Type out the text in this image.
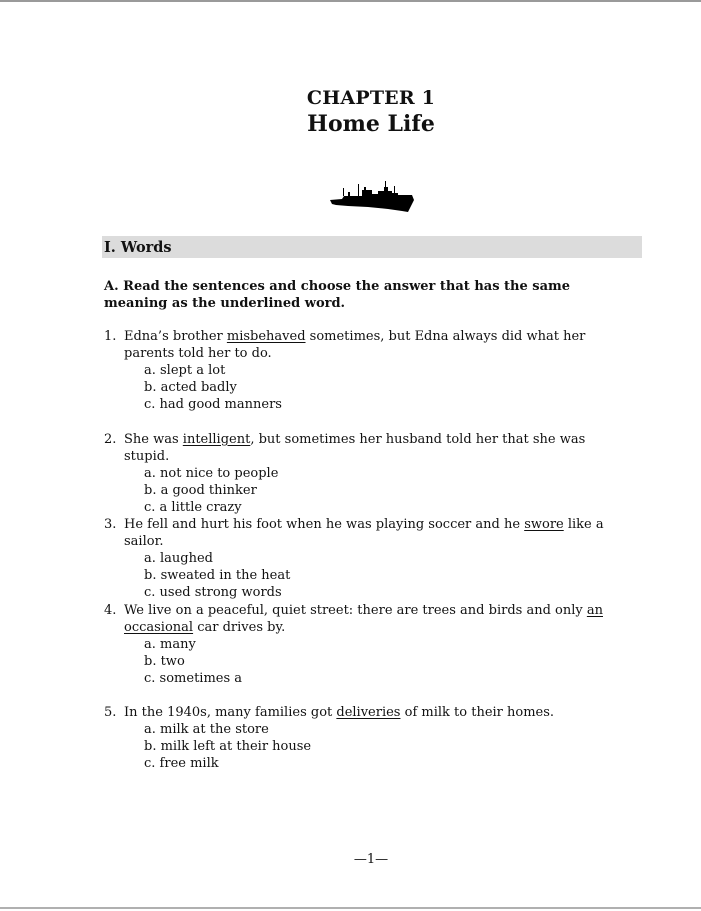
CHAPTER 1
Home Life
I. Words
A. Read the sentences and choose the answer that has the same meaning as the underlined word.
1. Edna’s brother misbehaved sometimes, but Edna always did what her parents told her to do.
a. slept a lot
b. acted badly
c. had good manners
2. She was intelligent, but sometimes her husband told her that she was stupid.
a. not nice to people
b. a good thinker
c. a little crazy
3. He fell and hurt his foot when he was playing soccer and he swore like a sailor.
a. laughed
b. sweated in the heat
c. used strong words
4. We live on a peaceful, quiet street: there are trees and birds and only an occasional car drives by.
a. many
b. two
c. sometimes a
5. In the 1940s, many families got deliveries of milk to their homes.
a. milk at the store
b. milk left at their house
c. free milk
—1—
